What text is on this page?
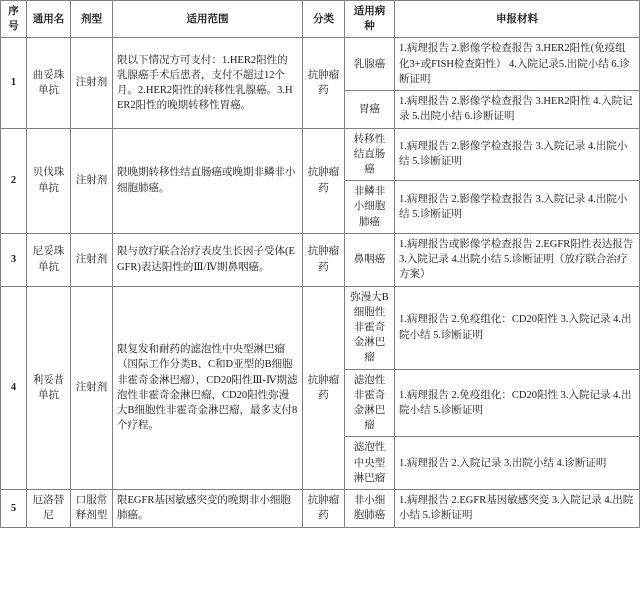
序号	通用名	剂型	适用范围	分类	适用病种	申报材料
1	曲妥珠单抗	注射剂	限以下情况方可支付：1.HER2阳性的乳腺癌手术后患者，支付不超过12个月。2.HER2阳性的转移性乳腺癌。3.HER2阳性的晚期转移性胃癌。	抗肿瘤药	乳腺癌	1.病理报告 2.影像学检查报告 3.HER2阳性(免疫组化3+或FISH检查阳性） 4.入院记录5.出院小结 6.诊断证明
					胃癌	1.病理报告 2.影像学检查报告 3.HER2阳性 4.入院记录 5.出院小结 6.诊断证明
2	贝伐珠单抗	注射剂	限晚期转移性结直肠癌或晚期非鳞非小细胞肺癌。	抗肿瘤药	转移性结直肠癌	1.病理报告 2.影像学检查报告 3.入院记录 4.出院小结 5.诊断证明
					非鳞非小细胞肺癌	1.病理报告 2.影像学检查报告 3.入院记录 4.出院小结 5.诊断证明
3	尼妥珠单抗	注射剂	限与放疗联合治疗表皮生长因子受体(EGFR)表达阳性的Ⅲ/Ⅳ期鼻咽癌。	抗肿瘤药	鼻咽癌	1.病理报告或影像学检查报告 2.EGFR阳性表达报告 3.入院记录 4.出院小结 5.诊断证明（放疗联合治疗方案）
4	利妥昔单抗	注射剂	限复发和耐药的滤泡性中央型淋巴瘤（国际工作分类B、C和D亚型的B细胞非霍奇金淋巴瘤），CD20阳性Ⅲ-Ⅳ期滤泡性非霍奇金淋巴瘤，CD20阳性弥漫大B细胞性非霍奇金淋巴瘤，最多支付8个疗程。	抗肿瘤药	弥漫大B细胞性非霍奇金淋巴瘤	1.病理报告 2.免疫组化：CD20阳性 3.入院记录 4.出院小结 5.诊断证明
					滤泡性非霍奇金淋巴瘤	1.病理报告 2.免疫组化：CD20阳性 3.入院记录 4.出院小结 5.诊断证明
					滤泡性中央型淋巴瘤	1.病理报告 2.入院记录 3.出院小结 4.诊断证明
5	厄洛替尼	口服常释剂型	限EGFR基因敏感突变的晚期非小细胞肺癌。	抗肿瘤药	非小细胞肺癌	1.病理报告 2.EGFR基因敏感突变 3.入院记录 4.出院小结 5.诊断证明
